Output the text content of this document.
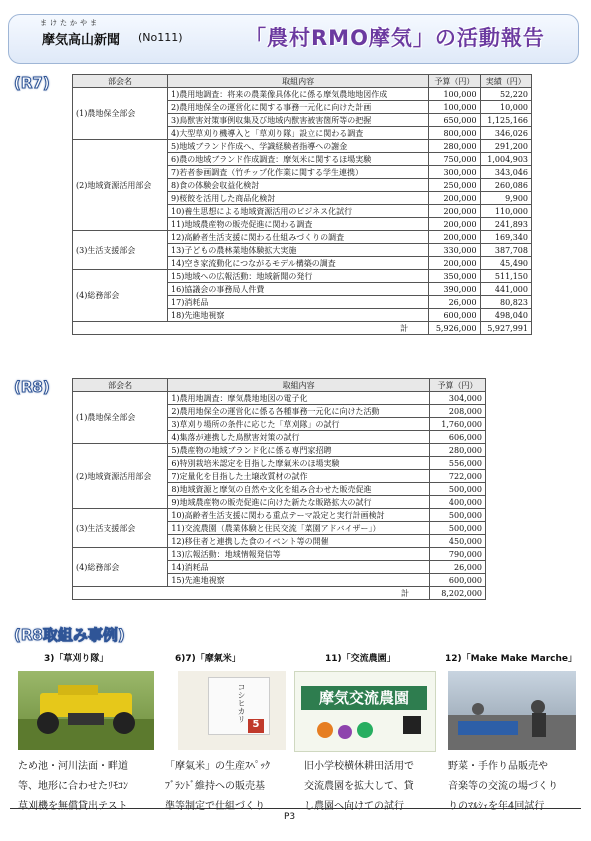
まけたかやま
摩気高山新聞 (No111)	「農村RMO摩気」の活動報告
(R7)	部会名	取組内容	予算（円）	実績（円）
(1)農地保全部会	1)農用地調査：将来の農業像具体化に係る摩気農地地図作成	100,000	52,220
	2)農用地保全の運営化に関する事務一元化に向けた計画	100,000	10,000
	3)鳥獣害対策事例収集及び地域内獣害被害箇所等の把握	650,000	1,125,166
	4)大型草刈り機導入と「草刈り隊」設立に関わる調査	800,000	346,026
(2)地域資源活用部会	5)地域ブランド作成へ、学識経験者指導への謝金	280,000	291,200
	6)農の地域ブランド作成調査：摩気米に関するほ場実験	750,000	1,004,903
	7)若者参画調査（竹チップ化作業に関する学生連携）	300,000	343,046
	8)食の体験会収益化検討	250,000	260,086
	9)桜餃を活用した商品化検討	200,000	9,900
	10)養生思想による地域資源活用のビジネス化試行	200,000	110,000
	11)地域農産物の販売促進に関わる調査	200,000	241,893
(3)生活支援部会	12)高齢者生活支援に関わる仕組みづくりの調査	200,000	169,340
	13)子どもの農林業地体験拡大実施	330,000	387,708
	14)空き家流動化につながるモデル構築の調査	200,000	45,490
(4)総務部会	15)地域への広報活動：地域新聞の発行	350,000	511,150
	16)協議会の事務局人件費	390,000	441,000
	17)消耗品	26,000	80,823
	18)先進地視察	600,000	498,040
計		5,926,000	5,927,991
(R8)	部会名	取組内容	予算（円）
(1)農地保全部会	1)農用地調査：摩気農地地図の電子化	304,000
	2)農用地保全の運営化に係る各種事務一元化に向けた活動	208,000
	3)草刈り場所の条件に応じた「草刈隊」の試行	1,760,000
	4)集落が連携した鳥獣害対策の試行	606,000
(2)地域資源活用部会	5)農産物の地域ブランド化に係る専門家招聘	280,000
	6)特別栽培米認定を目指した摩氣米のほ場実験	556,000
	7)定量化を目指した土壌改質材の試作	722,000
	8)地域資源と摩気の自然や文化を組み合わせた販売促進	500,000
	9)地域農産物の販売促進に向けた新たな販路拡大の試行	400,000
(3)生活支援部会	10)高齢者生活支援に関わる重点テーマ設定と実行計画検討	500,000
	11)交流農園（農業体験と住民交流「菜園アドバイザー」）	500,000
	12)移住者と連携した食のイベント等の開催	450,000
(4)総務部会	13)広報活動：地域情報発信等	790,000
	14)消耗品	26,000
	15)先進地視察	600,000
計		8,202,000
(R8取組み事例)
3)「草刈り隊」	6)7)「摩氣米」	11)「交流農園」	12)「Make Make Marche」
コシヒカリ
5
摩気交流農園
ため池・河川法面・畔道
等、地形に合わせたﾘﾓｺﾝ
草刈機を無償貸出テスト
「摩氣米」の生産ｽﾍﾟｯｸ
ﾌﾞﾗﾝﾄﾞ維持への販売基
準等制定で仕組づくり
旧小学校横休耕田活用で
交流農園を拡大して、貸
し農園へ向けての試行
野菜・手作り品販売や
音楽等の交流の場づくり
りのﾏﾙｼｪを年4回試行
P3
